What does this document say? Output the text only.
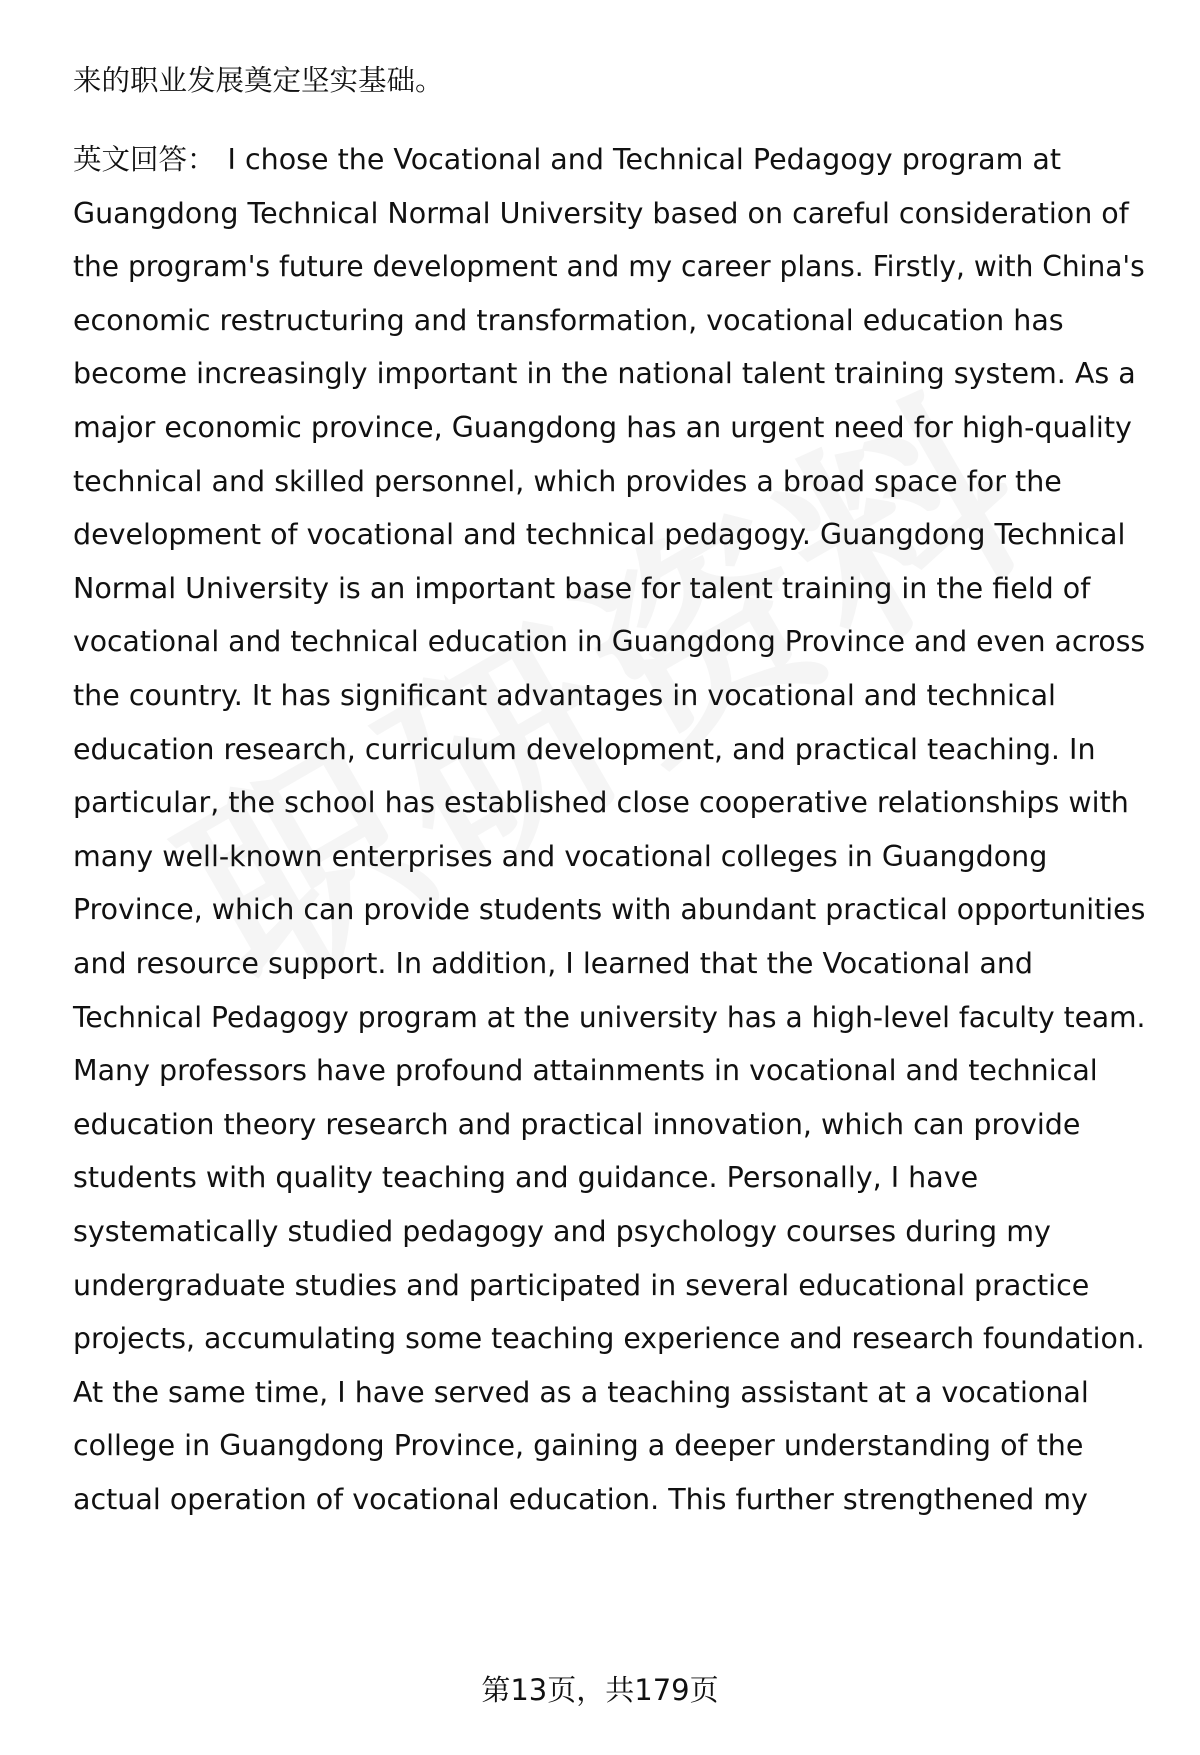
来的职业发展奠定坚实基础。
英文回答： I chose the Vocational and Technical Pedagogy program at
Guangdong Technical Normal University based on careful consideration of
the program's future development and my career plans. Firstly, with China's
economic restructuring and transformation, vocational education has
become increasingly important in the national talent training system. As a
major economic province, Guangdong has an urgent need for high-quality
technical and skilled personnel, which provides a broad space for the
development of vocational and technical pedagogy. Guangdong Technical
Normal University is an important base for talent training in the field of
vocational and technical education in Guangdong Province and even across
the country. It has significant advantages in vocational and technical
education research, curriculum development, and practical teaching. In
particular, the school has established close cooperative relationships with
many well-known enterprises and vocational colleges in Guangdong
Province, which can provide students with abundant practical opportunities
and resource support. In addition, I learned that the Vocational and
Technical Pedagogy program at the university has a high-level faculty team.
Many professors have profound attainments in vocational and technical
education theory research and practical innovation, which can provide
students with quality teaching and guidance. Personally, I have
systematically studied pedagogy and psychology courses during my
undergraduate studies and participated in several educational practice
projects, accumulating some teaching experience and research foundation.
At the same time, I have served as a teaching assistant at a vocational
college in Guangdong Province, gaining a deeper understanding of the
actual operation of vocational education. This further strengthened my
第13页，共179页
